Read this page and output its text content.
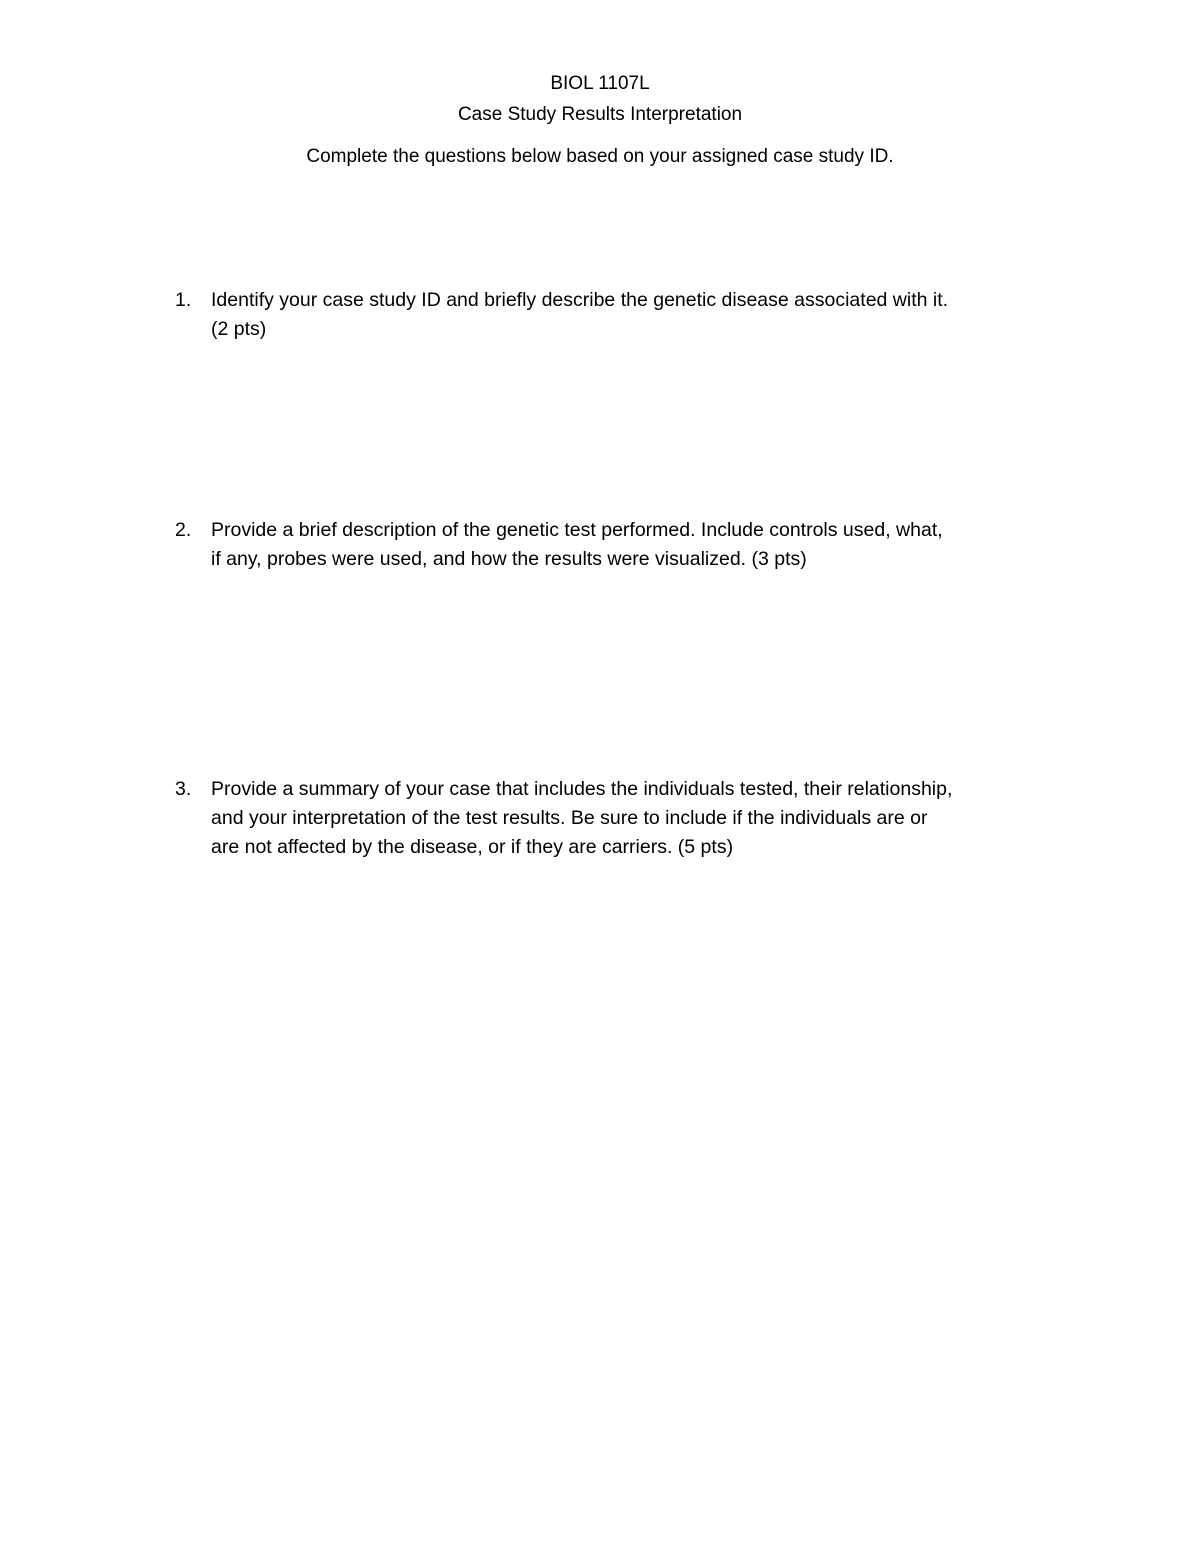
BIOL 1107L
Case Study Results Interpretation
Complete the questions below based on your assigned case study ID.
1.	Identify your case study ID and briefly describe the genetic disease associated with it.
(2 pts)
2.	Provide a brief description of the genetic test performed. Include controls used, what,
if any, probes were used, and how the results were visualized. (3 pts)
3.	Provide a summary of your case that includes the individuals tested, their relationship,
and your interpretation of the test results. Be sure to include if the individuals are or
are not affected by the disease, or if they are carriers. (5 pts)
